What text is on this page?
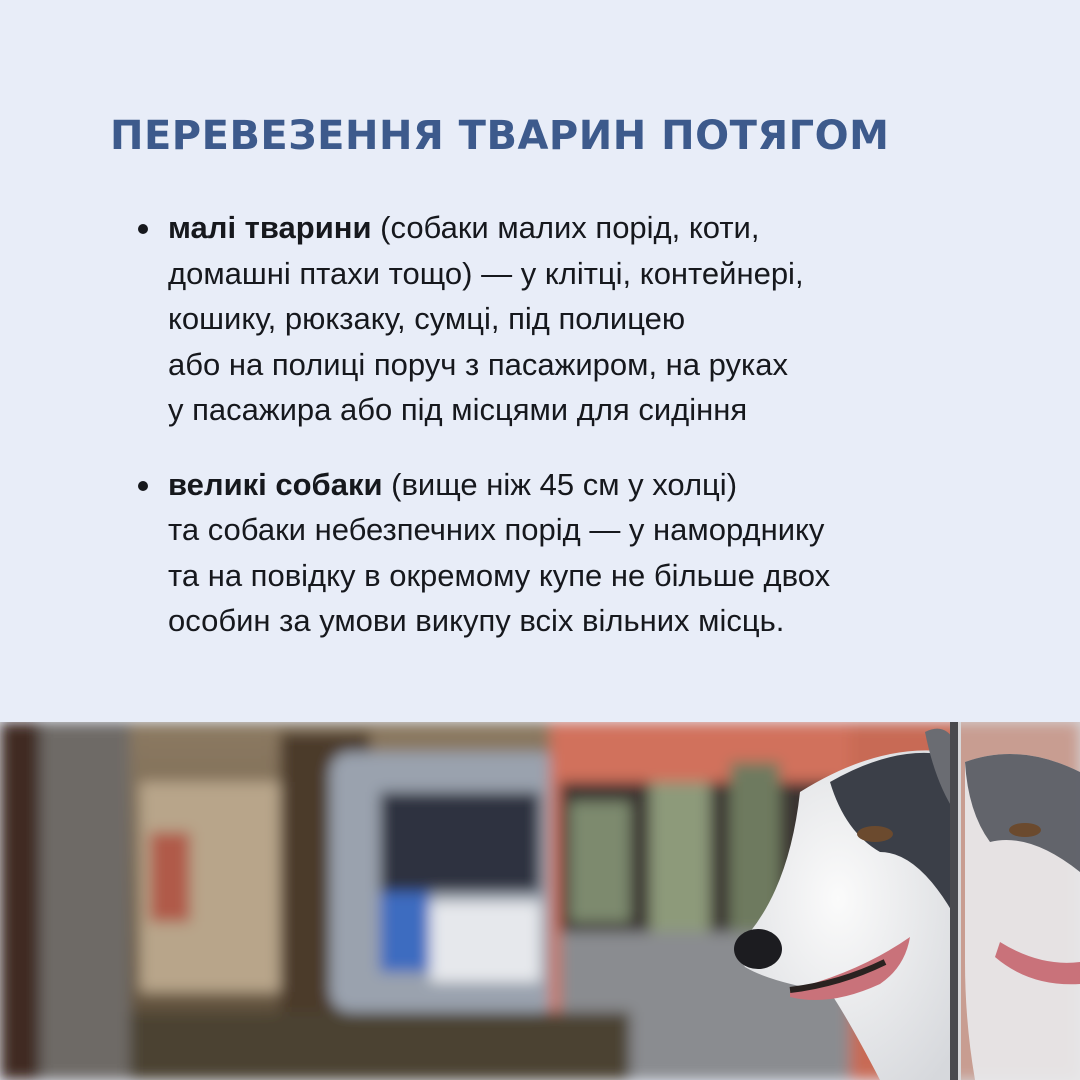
ПЕРЕВЕЗЕННЯ ТВАРИН ПОТЯГОМ
малі тварини (собаки малих порід, коти,
домашні птахи тощо) — у клітці, контейнері,
кошику, рюкзаку, сумці, під полицею
або на полиці поруч з пасажиром, на руках
у пасажира або під місцями для сидіння
великі собаки (вище ніж 45 см у холці)
та собаки небезпечних порід — у наморднику
та на повідку в окремому купе не більше двох
особин за умови викупу всіх вільних місць.
